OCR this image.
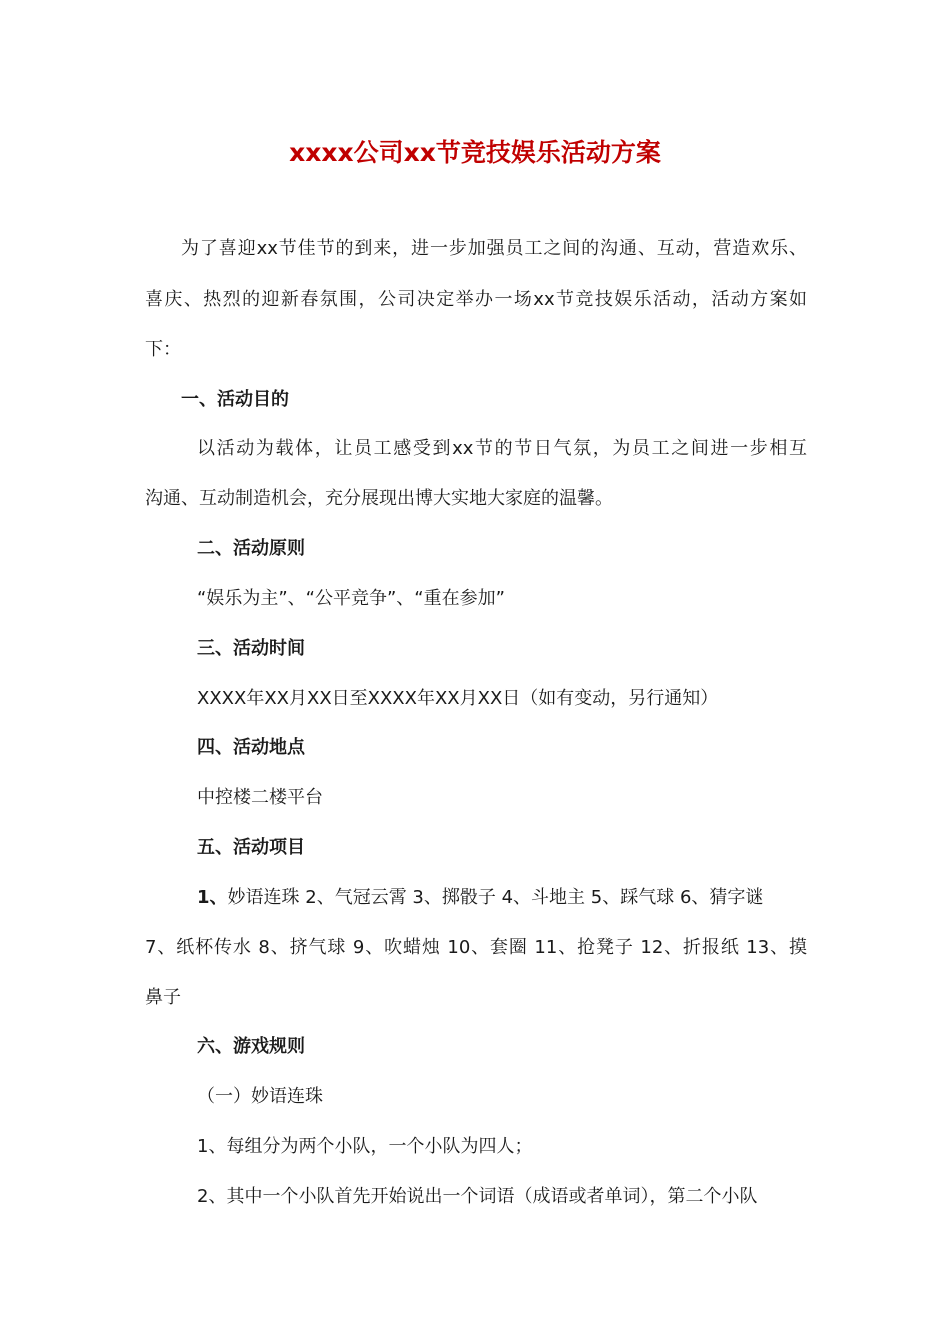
xxxx公司xx节竞技娱乐活动方案
为了喜迎xx节佳节的到来，进一步加强员工之间的沟通、互动，营造欢乐、
喜庆、热烈的迎新春氛围，公司决定举办一场xx节竞技娱乐活动，活动方案如
下：
一、活动目的
以活动为载体，让员工感受到xx节的节日气氛，为员工之间进一步相互
沟通、互动制造机会，充分展现出博大实地大家庭的温馨。
二、活动原则
“娱乐为主”、“公平竞争”、“重在参加”
三、活动时间
XXXX年XX月XX日至XXXX年XX月XX日（如有变动，另行通知）
四、活动地点
中控楼二楼平台
五、活动项目
1、妙语连珠 2、气冠云霄 3、掷骰子 4、斗地主 5、踩气球 6、猜字谜
7、纸杯传水 8、挤气球 9、吹蜡烛 10、套圈 11、抢凳子 12、折报纸 13、摸
鼻子
六、游戏规则
（一）妙语连珠
1、每组分为两个小队，一个小队为四人；
2、其中一个小队首先开始说出一个词语（成语或者单词），第二个小队
